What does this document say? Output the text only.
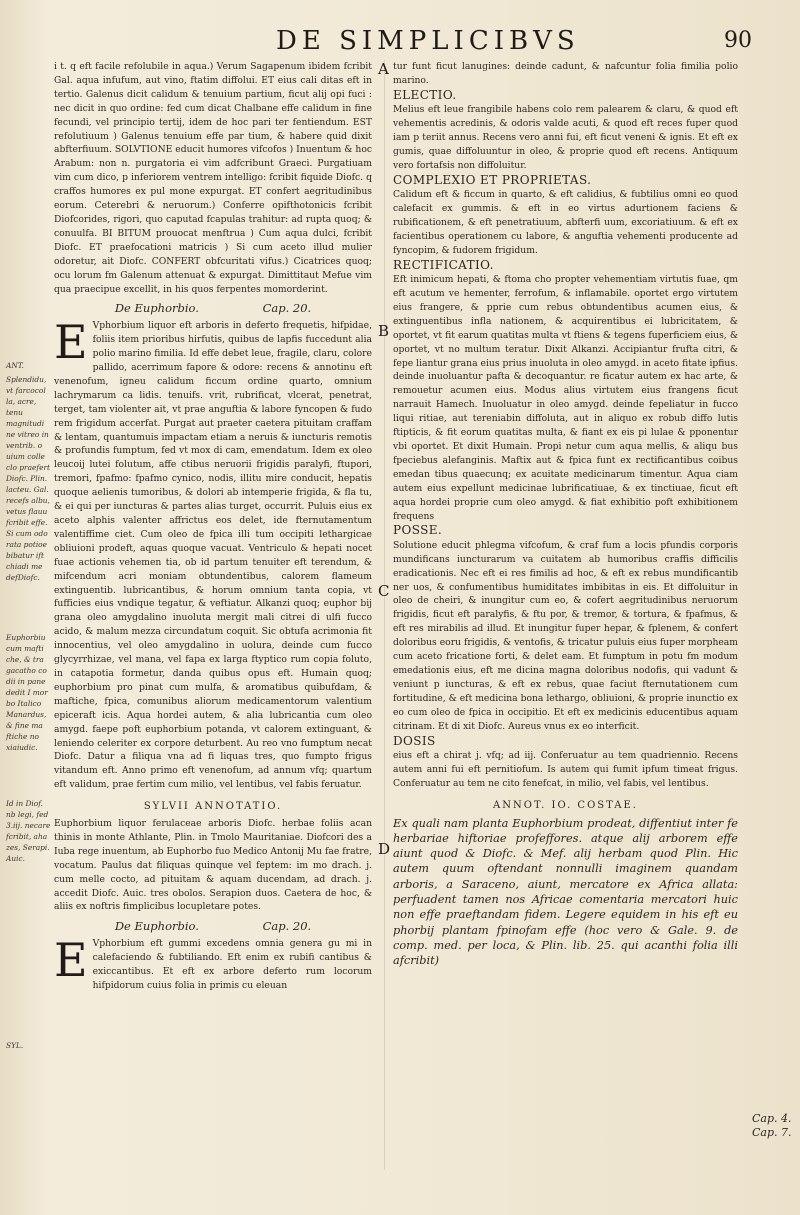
DE SIMPLICIBVS	90
A
B
C
D
ANT.
Splendidu, vt farcocol la, acre, tenu magnitudi ne vitreo in ventrib. o uium colle clo praefert Diofc. Plin. lacteu. Gal. recefs albu, vetus flauu fcribit effe. Si cum odo rata potioe bibatur ift chiadi me defDiofc.
Euphorbiu cum mafti che, & tra gacatho co dii in pane dedit I mor bo Italico Manardus, & fine ma ftiche no xiaiudic.
Id in Diof. nb legi, fed 3.iij. necare fcribit, aha zes, Serapi. Auic.
SYL.
Cap. 4.
Cap. 7.

i t. q eft facile refolubile in aqua.) Verum Sagapenum ibidem fcribit Gal. aqua infufum, aut vino, ftatim diffolui. ET eius cali ditas eft in tertio. Galenus dicit calidum & tenuium partium, ficut alij opi fuci : nec dicit in quo ordine: fed cum dicat Chalbane effe calidum in fine fecundi, vel principio tertij, idem de hoc pari ter fentiendum. EST refolutiuum ) Galenus tenuium effe par tium, & habere quid dixit abfterfiuum. SOLVTIONE educit humores vifcofos ) Inuentum & hoc Arabum: non n. purgatoria ei vim adfcribunt Graeci. Purgatiuam vim cum dico, p inferiorem ventrem intelligo: fcribit fiquide Diofc. q craffos humores ex pul mone expurgat. ET confert aegritudinibus eorum. Ceterebri & neruorum.) Conferre opifthotonicis fcribit Diofcorides, rigori, quo caputad fcapulas trahitur: ad rupta quoq; & conuulfa. BI BITUM prouocat menftrua ) Cum aqua dulci, fcribit Diofc. ET praefocationi matricis ) Si cum aceto illud mulier odoretur, ait Diofc. CONFERT obfcuritati vifus.) Cicatrices quoq; ocu lorum fm Galenum attenuat & expurgat. Dimittitaut Mefue vim qua praecipue excellit, in his quos ferpentes momorderint.

De Euphorbio.	Cap. 20.

E Vphorbium liquor eft arboris in deferto frequetis, hifpidae, foliis item prioribus hirfutis, quibus de lapfis fuccedunt alia polio marino fimilia. Id effe debet leue, fragile, claru, colore pallido, acerrimum fapore & odore: recens & annotinu eft venenofum, igneu calidum ficcum ordine quarto, omnium lachrymarum ca lidis. tenuifs. vrit, rubrificat, vlcerat, penetrat, terget, tam violenter ait, vt prae anguftia & labore fyncopen & fudo rem frigidum accerfat. Purgat aut praeter caetera pituitam craffam & lentam, quantumuis impactam etiam a neruis & iuncturis remotis & profundis fumptum, fed vt mox di cam, emendatum. Idem ex oleo leucoij lutei folutum, affe ctibus neruorii frigidis paralyfi, ftupori, tremori, fpafmo: fpafmo cynico, nodis, illitu mire conducit, hepatis quoque aelienis tumoribus, & dolori ab intemperie frigida, & fla tu, & ei qui per iuncturas & partes alias turget, occurrit. Puluis eius ex aceto alphis valenter affrictus eos delet, ide fternutamentum valentiffime ciet. Cum oleo de fpica illi tum occipiti lethargicae obliuioni prodeft, aquas quoque vacuat. Ventriculo & hepati nocet fuae actionis vehemen tia, ob id partum tenuiter eft terendum, & mifcendum acri moniam obtundentibus, calorem flameum extinguentib. lubricantibus, & horum omnium tanta copia, vt fufficies eius vndique tegatur, & veftiatur. Alkanzi quoq; euphor bij grana oleo amygdalino inuoluta mergit mali citrei di ulfi fucco acido, & malum mezza circundatum coquit. Sic obtufa acrimonia fit innocentius, vel oleo amygdalino in uolura, deinde cum fucco glycyrrhizae, vel mana, vel fapa ex larga ftyptico rum copia foluto, in catapotia formetur, danda quibus opus eft. Humain quoq; euphorbium pro pinat cum mulfa, & aromatibus quibufdam, & maftiche, fpica, comunibus aliorum medicamentorum valentium epiceraft icis. Aqua hordei autem, & alia lubricantia cum oleo amygd. faepe poft euphorbium potanda, vt calorem extinguant, & leniendo celeriter ex corpore deturbent. Au reo vno fumptum necat Diofc. Datur a filiqua vna ad fi liquas tres, quo fumpto frigus vitandum eft. Anno primo eft venenofum, ad annum vfq; quartum eft validum, prae fertim cum milio, vel lentibus, vel fabis feruatur.

SYLVII ANNOTATIO.

Euphorbium liquor ferulaceae arboris Diofc. herbae foliis acan thinis in monte Athlante, Plin. in Tmolo Mauritaniae. Diofcori des a Iuba rege inuentum, ab Euphorbo fuo Medico Antonij Mu fae fratre, vocatum. Paulus dat filiquas quinque vel feptem: im mo drach. j. cum melle cocto, ad pituitam & aquam ducendam, ad drach. j. accedit Diofc. Auic. tres obolos. Serapion duos. Caetera de hoc, & aliis ex noftris fimplicibus locupletare potes.

De Euphorbio.	Cap. 20.

E Vphorbium eft gummi excedens omnia genera gu mi in calefaciendo & fubtiliando. Eft enim ex rubifi cantibus & exiccantibus. Et eft ex arbore deferto rum locorum hifpidorum cuius folia in primis cu eleuan

tur funt ficut lanugines: deinde cadunt, & nafcuntur folia fimilia polio marino.

ELECTIO.

Melius eft leue frangibile habens colo rem palearem & claru, & quod eft vehementis acredinis, & odoris valde acuti, & quod eft reces fuper quod iam p teriit annus. Recens vero anni fui, eft ficut veneni & ignis. Et eft ex gumis, quae diffoluuntur in oleo, & proprie quod eft recens. Antiquum vero fortafsis non diffoluitur.

COMPLEXIO ET PROPRIETAS.

Calidum eft & ficcum in quarto, & eft calidius, & fubtilius omni eo quod calefacit ex gummis. & eft in eo virtus adurtionem faciens & rubificationem, & eft penetratiuum, abfterfi uum, excoriatiuum. & eft ex facientibus operationem cu labore, & anguftia vehementi producente ad fyncopim, & fudorem frigidum.

RECTIFICATIO.

Eft inimicum hepati, & ftoma cho propter vehementiam virtutis fuae, qm eft acutum ve hementer, ferrofum, & inflamabile. oportet ergo virtutem eius frangere, & pprie cum rebus obtundentibus acumen eius, & extinguentibus infla nationem, & acquirentibus ei lubricitatem, & oportet, vt fit earum quatitas multa vt ftiens & tegens fuperficiem eius, & oportet, vt no multum teratur. Dixit Alkanzi. Accipiantur frufta citri, & fepe liantur grana eius prius inuoluta in oleo amygd. in aceto fitate ipfius. deinde inuoluantur pafta & decoquantur. re ficatur autem ex hac arte, & remouetur acumen eius. Modus alius virtutem eius frangens ficut narrauit Hamech. Inuoluatur in oleo amygd. deinde fepeliatur in fucco liqui ritiae, aut tereniabin diffoluta, aut in aliquo ex robub diffo lutis ftipticis, & fit eorum quatitas multa, & fiant ex eis pi lulae & pponentur vbi oportet. Et dixit Humain. Propi netur cum aqua mellis, & aliqu bus fpeciebus alefanginis. Maftix aut & fpica funt ex rectificantibus coibus emedan tibus quaecunq; ex acuitate medicinarum timentur. Aqua ciam autem eius expellunt medicinae lubrificatiuae, & ex tinctiuae, ficut eft aqua hordei proprie cum oleo amygd. & fiat exhibitio poft exhibitionem frequens

POSSE.

Solutione educit phlegma vifcofum, & craf fum a locis pfundis corporis mundificans iuncturarum va cuitatem ab humoribus craffis difficilis eradicationis. Nec eft ei res fimilis ad hoc, & eft ex rebus mundificantib ner uos, & confumentibus humiditates imbibitas in eis. Et diffoluitur in oleo de cheiri, & inungitur cum eo, & cofert aegritudinibus neruorum frigidis, ficut eft paralyfis, & ftu por, & tremor, & tortura, & fpafmus, & eft res mirabilis ad illud. Et inungitur fuper hepar, & fplenem, & confert doloribus eoru frigidis, & ventofis, & tricatur puluis eius fuper morpheam cum aceto fricatione forti, & delet eam. Et fumptum in potu fm modum emedationis eius, eft me dicina magna doloribus nodofis, qui vadunt & veniunt p iuncturas, & eft ex rebus, quae faciut fternutationem cum fortitudine, & eft medicina bona lethargo, obliuioni, & proprie inunctio ex eo cum oleo de fpica in occipitio. Et eft ex medicinis educentibus aquam citrinam. Et di xit Diofc. Aureus vnus ex eo interficit.

DOSIS

eius eft a chirat j. vfq; ad iij. Conferuatur au tem quadriennio. Recens autem anni fui eft pernitiofum. Is autem qui fumit ipfum timeat frigus. Conferuatur au tem ne cito fenefcat, in milio, vel fabis, vel lentibus.

ANNOT. IO. COSTAE.

Ex quali nam planta Euphorbium prodeat, diffentiut inter fe herbariae hiftoriae profeffores. atque alij arborem effe aiunt quod & Diofc. & Mef. alij herbam quod Plin. Hic autem quum oftendant nonnulli imaginem quandam arboris, a Saraceno, aiunt, mercatore ex Africa allata: perfuadent tamen nos Africae comentaria mercatori huic non effe praeftandam fidem. Legere equidem in his eft eu phorbij plantam fpinofam effe (hoc vero & Gale. 9. de comp. med. per loca, & Plin. lib. 25. qui acanthi folia illi afcribit)
